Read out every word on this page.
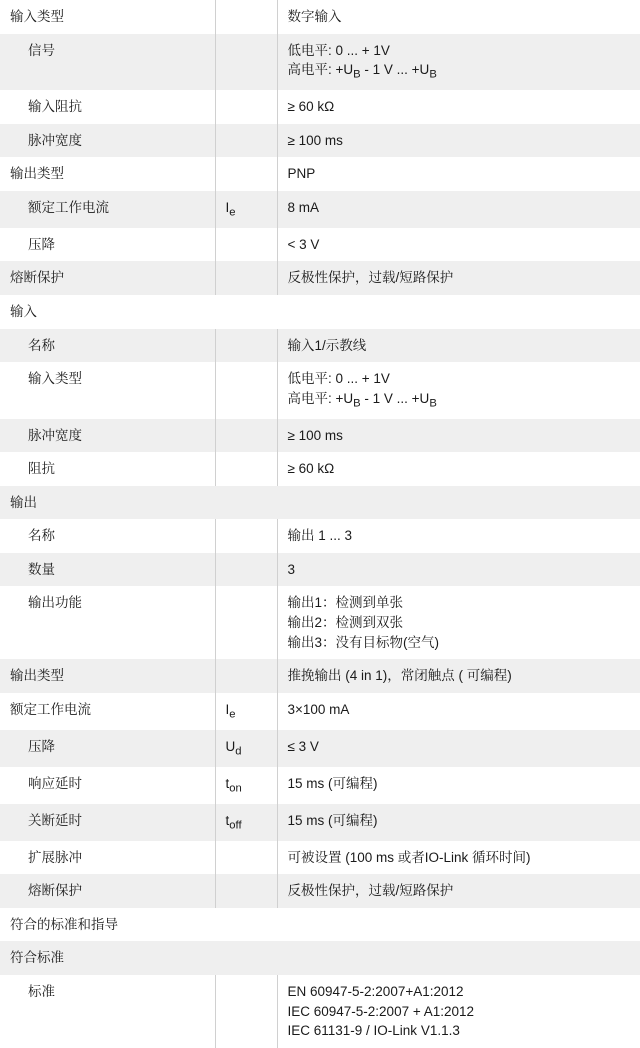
输入类型		数字输入

信号		低电平: 0 ... + 1V
高电平: $+U_B - 1$ V ... $+U_B$

输入阻抗		≥ 60 kΩ

脉冲宽度		≥ 100 ms

输出类型		PNP

额定工作电流	$I_e$	8 mA

压降		< 3 V

熔断保护		反极性保护，过载/短路保护

输入		
名称		输入1/示教线

输入类型		低电平: 0 ... + 1V
高电平: $+U_B - 1$ V ... $+U_B$

脉冲宽度		≥ 100 ms

阻抗		≥ 60 kΩ

输出		
名称		输出 1 ... 3

数量		3

输出功能		输出1：检测到单张
输出2：检测到双张
输出3：没有目标物(空气)

输出类型		推挽输出 (4 in 1)，常闭触点 ( 可编程)

额定工作电流	$I_e$	3×100 mA

压降	$U_d$	≤ 3 V

响应延时	$t_{on}$	15 ms (可编程)

关断延时	$t_{off}$	15 ms (可编程)

扩展脉冲		可被设置 (100 ms 或者IO-Link 循环时间)

熔断保护		反极性保护，过载/短路保护

符合的标准和指导		
符合标准		
标准		EN 60947-5-2:2007+A1:2012
IEC 60947-5-2:2007 + A1:2012
IEC 61131-9 / IO-Link V1.1.3
